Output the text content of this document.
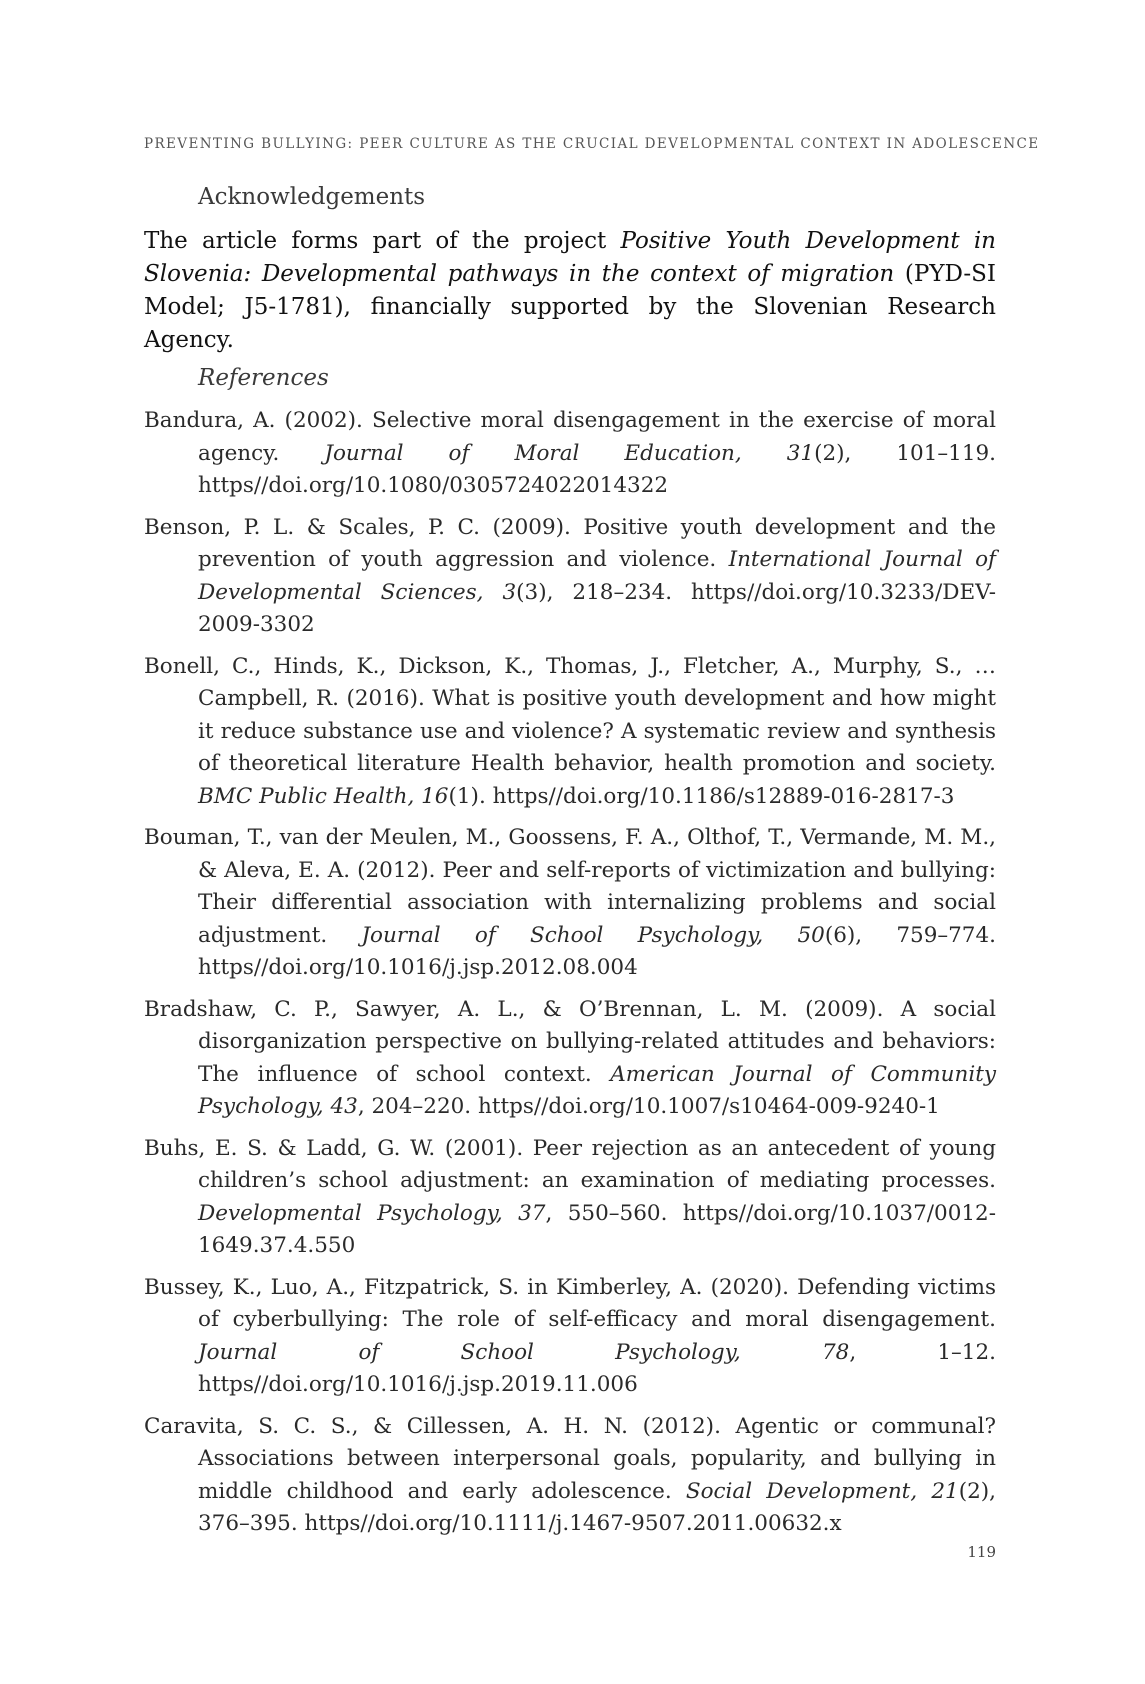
PREVENTING BULLYING: PEER CULTURE AS THE CRUCIAL DEVELOPMENTAL CONTEXT IN ADOLESCENCE
Acknowledgements

The article forms part of the project Positive Youth Development in Slovenia: Developmental pathways in the context of migration (PYD-SI Model; J5-1781), financially supported by the Slovenian Research Agency.

References
Bandura, A. (2002). Selective moral disengagement in the exercise of moral agency. Journal of Moral Education, 31(2), 101–119. https//doi.org/10.1080/0305724022014322
Benson, P. L. & Scales, P. C. (2009). Positive youth development and the prevention of youth aggression and violence. International Journal of Developmental Sciences, 3(3), 218–234. https//doi.org/10.3233/DEV-2009-3302
Bonell, C., Hinds, K., Dickson, K., Thomas, J., Fletcher, A., Murphy, S., … Campbell, R. (2016). What is positive youth development and how might it reduce substance use and violence? A systematic review and synthesis of theoretical literature Health behavior, health promotion and society. BMC Public Health, 16(1). https//doi.org/10.1186/s12889-016-2817-3
Bouman, T., van der Meulen, M., Goossens, F. A., Olthof, T., Vermande, M. M., & Aleva, E. A. (2012). Peer and self-reports of victimization and bullying: Their differential association with internalizing problems and social adjustment. Journal of School Psychology, 50(6), 759–774. https//doi.org/10.1016/j.jsp.2012.08.004
Bradshaw, C. P., Sawyer, A. L., & O’Brennan, L. M. (2009). A social disorganization perspective on bullying-related attitudes and behaviors: The influence of school context. American Journal of Community Psychology, 43, 204–220. https//doi.org/10.1007/s10464-009-9240-1
Buhs, E. S. & Ladd, G. W. (2001). Peer rejection as an antecedent of young children’s school adjustment: an examination of mediating processes. Developmental Psychology, 37, 550–560. https//doi.org/10.1037/0012-1649.37.4.550
Bussey, K., Luo, A., Fitzpatrick, S. in Kimberley, A. (2020). Defending victims of cyberbullying: The role of self-efficacy and moral disengagement. Journal of School Psychology, 78, 1–12. https//doi.org/10.1016/j.jsp.2019.11.006
Caravita, S. C. S., & Cillessen, A. H. N. (2012). Agentic or communal? Associations between interpersonal goals, popularity, and bullying in middle childhood and early adolescence. Social Development, 21(2), 376–395. https//doi.org/10.1111/j.1467-9507.2011.00632.x
119
